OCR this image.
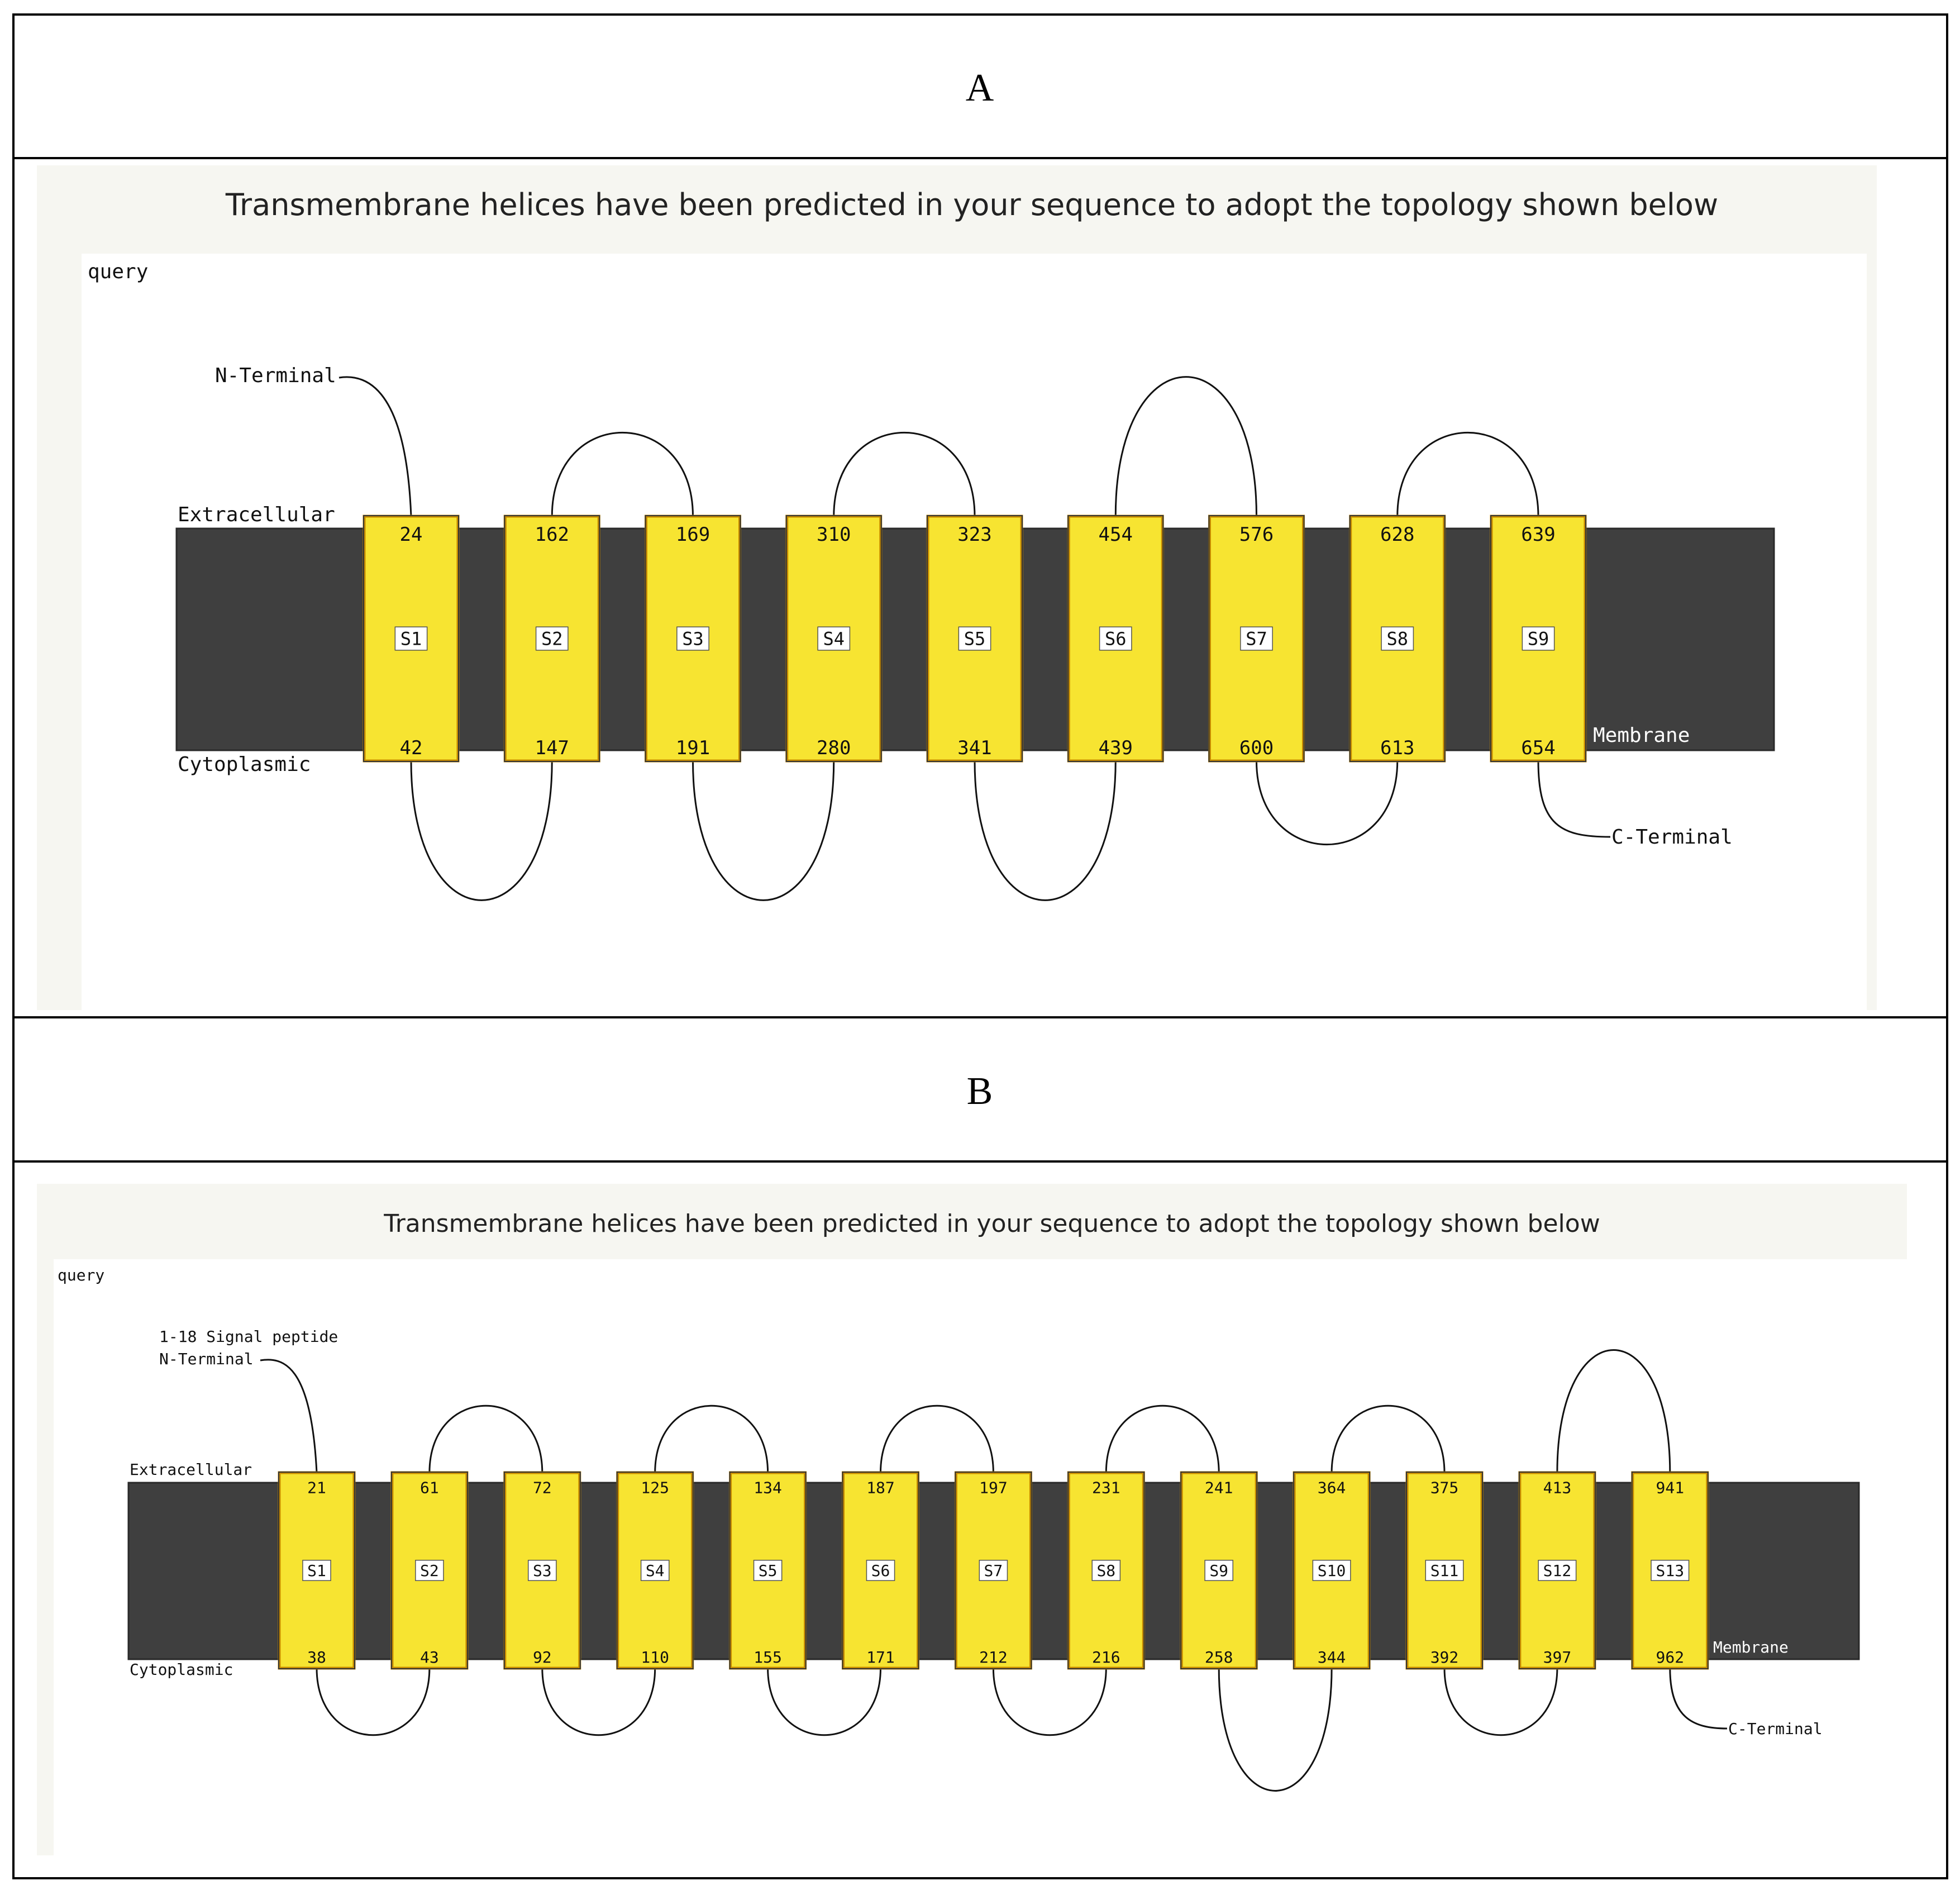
A
B
Transmembrane helices have been predicted in your sequence to adopt the topology shown below
Transmembrane helices have been predicted in your sequence to adopt the topology shown below
query
Extracellular
Cytoplasmic
Membrane
N-Terminal
C-Terminal
24
42
S1
162
147
S2
169
191
S3
310
280
S4
323
341
S5
454
439
S6
576
600
S7
628
613
S8
639
654
S9
query
Extracellular
Cytoplasmic
Membrane
1-18 Signal peptide
N-Terminal
C-Terminal
21
38
S1
61
43
S2
72
92
S3
125
110
S4
134
155
S5
187
171
S6
197
212
S7
231
216
S8
241
258
S9
364
344
S10
375
392
S11
413
397
S12
941
962
S13
